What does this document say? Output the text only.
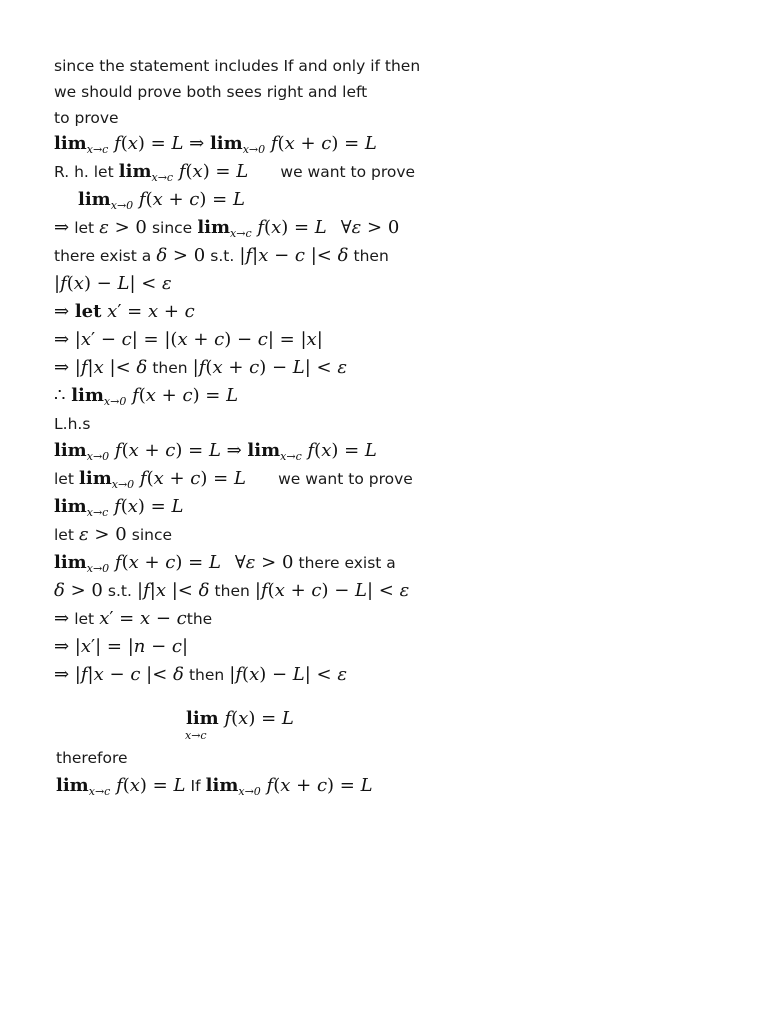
since the statement includes If and only if then
we should prove both sees right and left
to prove
$\lim_{x\to c} f(x) = L$ ⇒ $\lim_{x\to 0} f(x + c) = L$
R. h. let $\lim_{x\to c} f(x) = L$ we want to prove
$\lim_{x\to 0} f(x + c) = L$
⇒ let ε > 0 since $\lim_{x\to c} f(x) = L$ ∀ε > 0
there exist a δ > 0 s.t. |f|x − c |< δ then
|f(x) − L| < ε
⇒ let x′ = x + c
⇒ |x′ − c| = |(x + c) − c| = |x|
⇒ |f|x |< δ then |f(x + c) − L| < ε
∴ $\lim_{x\to 0} f(x + c) = L$
L.h.s
$\lim_{x\to 0} f(x + c) = L$ ⇒ $\lim_{x\to c} f(x) = L$
let $\lim_{x\to 0} f(x + c) = L$ we want to prove
$\lim_{x\to c} f(x) = L$
let ε > 0 since
$\lim_{x\to 0} f(x + c) = L$ ∀ε > 0 there exist a
δ > 0 s.t. |f|x |< δ then |f(x + c) − L| < ε
⇒ let x′ = x − cthe
⇒ |x′| = |n − c|
⇒ |f|x − c |< δ then |f(x) − L| < ε
lim
x→c
f(x) = L
therefore
$\lim_{x\to c} f(x) = L$ If $\lim_{x\to 0} f(x + c) = L$
